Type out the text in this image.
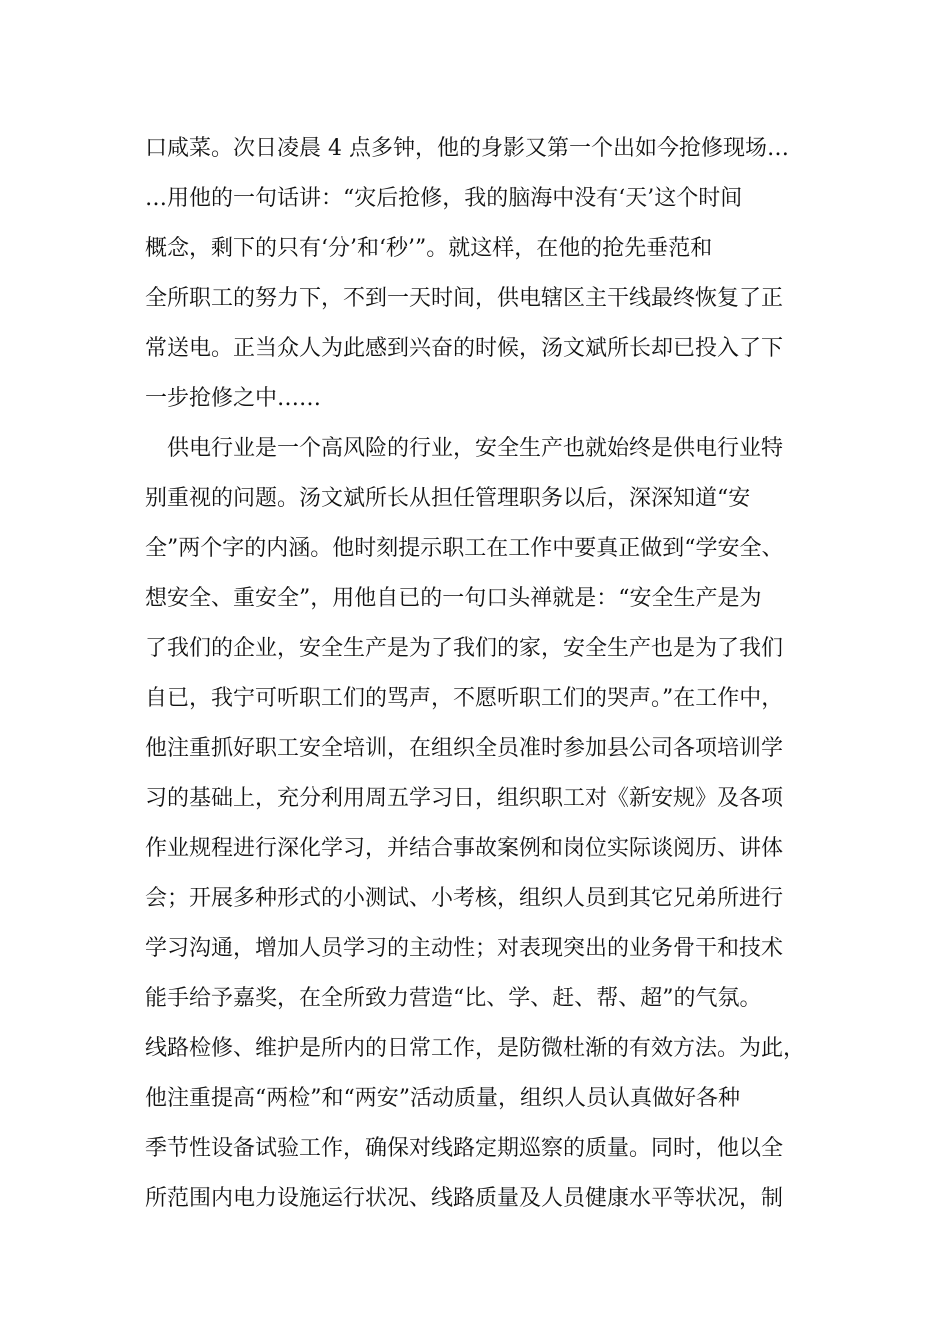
口咸菜。次日凌晨 4 点多钟，他的身影又第一个出如今抢修现场…
…用他的一句话讲：“灾后抢修，我的脑海中没有‘天’这个时间
概念，剩下的只有‘分’和‘秒’”。就这样，在他的抢先垂范和
全所职工的努力下，不到一天时间，供电辖区主干线最终恢复了正
常送电。正当众人为此感到兴奋的时候，汤文斌所长却已投入了下
一步抢修之中……
　供电行业是一个高风险的行业，安全生产也就始终是供电行业特
别重视的问题。汤文斌所长从担任管理职务以后，深深知道“安
全”两个字的内涵。他时刻提示职工在工作中要真正做到“学安全、
想安全、重安全”，用他自已的一句口头禅就是：“安全生产是为
了我们的企业，安全生产是为了我们的家，安全生产也是为了我们
自已，我宁可听职工们的骂声，不愿听职工们的哭声。”在工作中，
他注重抓好职工安全培训，在组织全员准时参加县公司各项培训学
习的基础上，充分利用周五学习日，组织职工对《新安规》及各项
作业规程进行深化学习，并结合事故案例和岗位实际谈阅历、讲体
会；开展多种形式的小测试、小考核，组织人员到其它兄弟所进行
学习沟通，增加人员学习的主动性；对表现突出的业务骨干和技术
能手给予嘉奖，在全所致力营造“比、学、赶、帮、超”的气氛。
线路检修、维护是所内的日常工作，是防微杜渐的有效方法。为此，
他注重提高“两检”和“两安”活动质量，组织人员认真做好各种
季节性设备试验工作，确保对线路定期巡察的质量。同时，他以全
所范围内电力设施运行状况、线路质量及人员健康水平等状况，制
